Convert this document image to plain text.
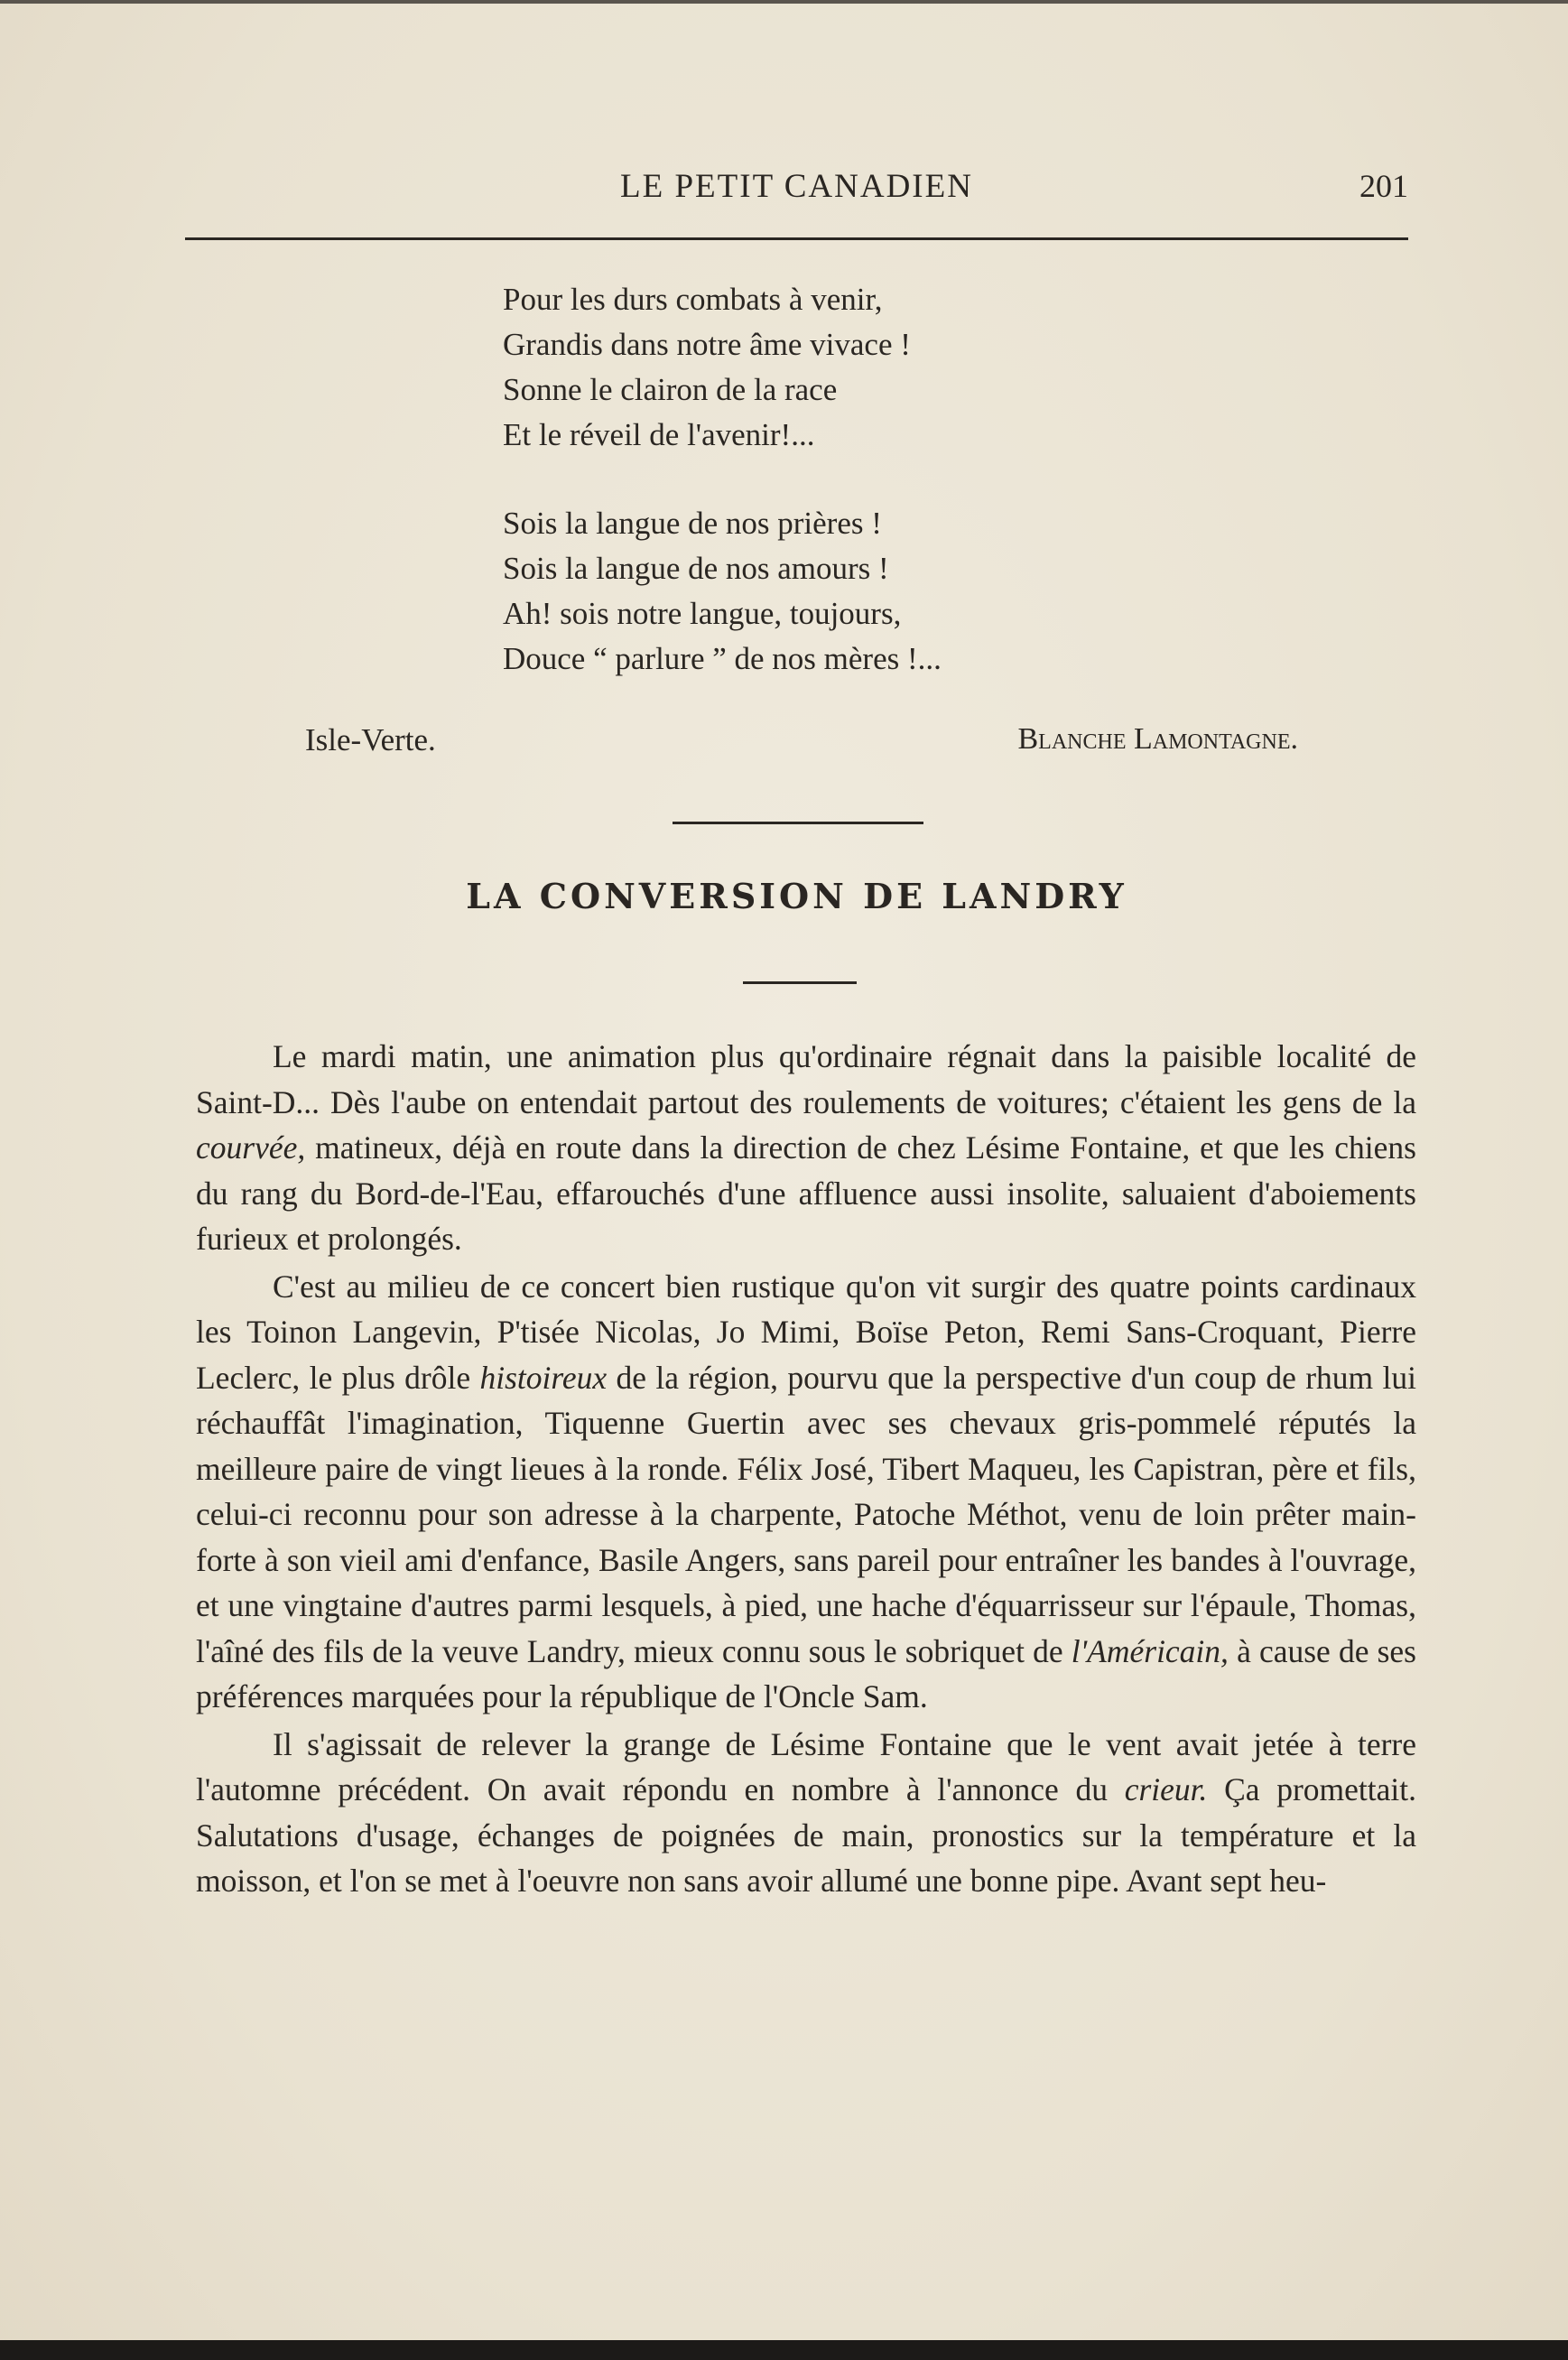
LE PETIT CANADIEN	201
Pour les durs combats à venir,
Grandis dans notre âme vivace !
Sonne le clairon de la race
Et le réveil de l'avenir!...
Sois la langue de nos prières !
Sois la langue de nos amours !
Ah! sois notre langue, toujours,
Douce “ parlure ” de nos mères !...
Isle-Verte.	Blanche Lamontagne.
LA CONVERSION DE LANDRY

Le mardi matin, une animation plus qu'ordinaire régnait dans la paisible localité de Saint-D... Dès l'aube on entendait partout des roulements de voitures; c'étaient les gens de la courvée, matineux, déjà en route dans la direction de chez Lésime Fontaine, et que les chiens du rang du Bord-de-l'Eau, effarouchés d'une affluence aussi insolite, saluaient d'aboiements furieux et prolongés.

C'est au milieu de ce concert bien rustique qu'on vit surgir des quatre points cardinaux les Toinon Langevin, P'tisée Nicolas, Jo Mimi, Boïse Peton, Remi Sans-Croquant, Pierre Leclerc, le plus drôle histoireux de la région, pourvu que la perspective d'un coup de rhum lui réchauffât l'imagination, Tiquenne Guertin avec ses chevaux gris-pommelé réputés la meilleure paire de vingt lieues à la ronde. Félix José, Tibert Maqueu, les Capistran, père et fils, celui-ci reconnu pour son adresse à la charpente, Patoche Méthot, venu de loin prêter main-forte à son vieil ami d'enfance, Basile Angers, sans pareil pour entraîner les bandes à l'ouvrage, et une vingtaine d'autres parmi lesquels, à pied, une hache d'équarrisseur sur l'épaule, Thomas, l'aîné des fils de la veuve Landry, mieux connu sous le sobriquet de l'Américain, à cause de ses préférences marquées pour la république de l'Oncle Sam.

Il s'agissait de relever la grange de Lésime Fontaine que le vent avait jetée à terre l'automne précédent. On avait répondu en nombre à l'annonce du crieur. Ça promettait. Salutations d'usage, échanges de poignées de main, pronostics sur la température et la moisson, et l'on se met à l'oeuvre non sans avoir allumé une bonne pipe. Avant sept heu-
